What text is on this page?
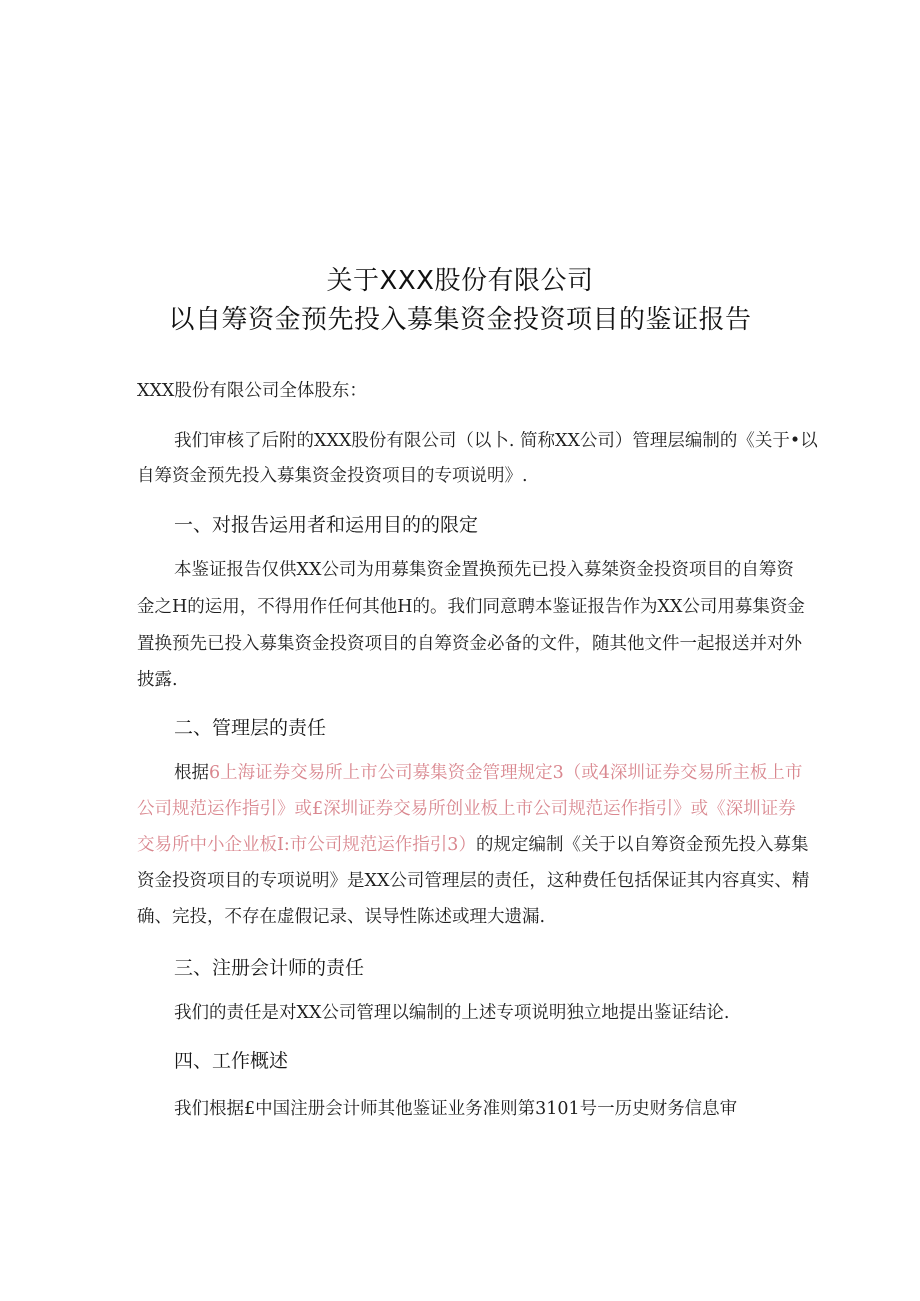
关于XXX股份有限公司
以自筹资金预先投入募集资金投资项目的鉴证报告
XXX股份有限公司全体股东：
我们审核了后附的XXX股份有限公司（以卜. 简称XX公司）管理层编制的《关于•以
自筹资金预先投入募集资金投资项目的专项说明》.
一、对报告运用者和运用目的的限定
本鉴证报告仅供XX公司为用募集资金置换预先已投入募桀资金投资项目的自筹资
金之H的运用，不得用作任何其他H的。我们同意聘本鉴证报告作为XX公司用募集资金
置换预先已投入募集资金投资项目的自筹资金必备的文件，随其他文件一起报送并对外
披露.
二、管理层的责任
根据6上海证券交易所上市公司募集资金管理规定3（或4深圳证券交易所主板上市
公司规范运作指引》或£深圳证券交易所创业板上市公司规范运作指引》或《深圳证券
交易所中小企业板I:市公司规范运作指引3）的规定编制《关于以自筹资金预先投入募集
资金投资项目的专项说明》是XX公司管理层的责任，这种费任包括保证其内容真实、精
确、完投，不存在虚假记录、误导性陈述或理大遗漏.
三、注册会计师的责任
我们的责任是对XX公司管理以编制的上述专项说明独立地提出鉴证结论.
四、工作概述
我们根据£中国注册会计师其他鉴证业务准则第3101号一历史财务信息审
